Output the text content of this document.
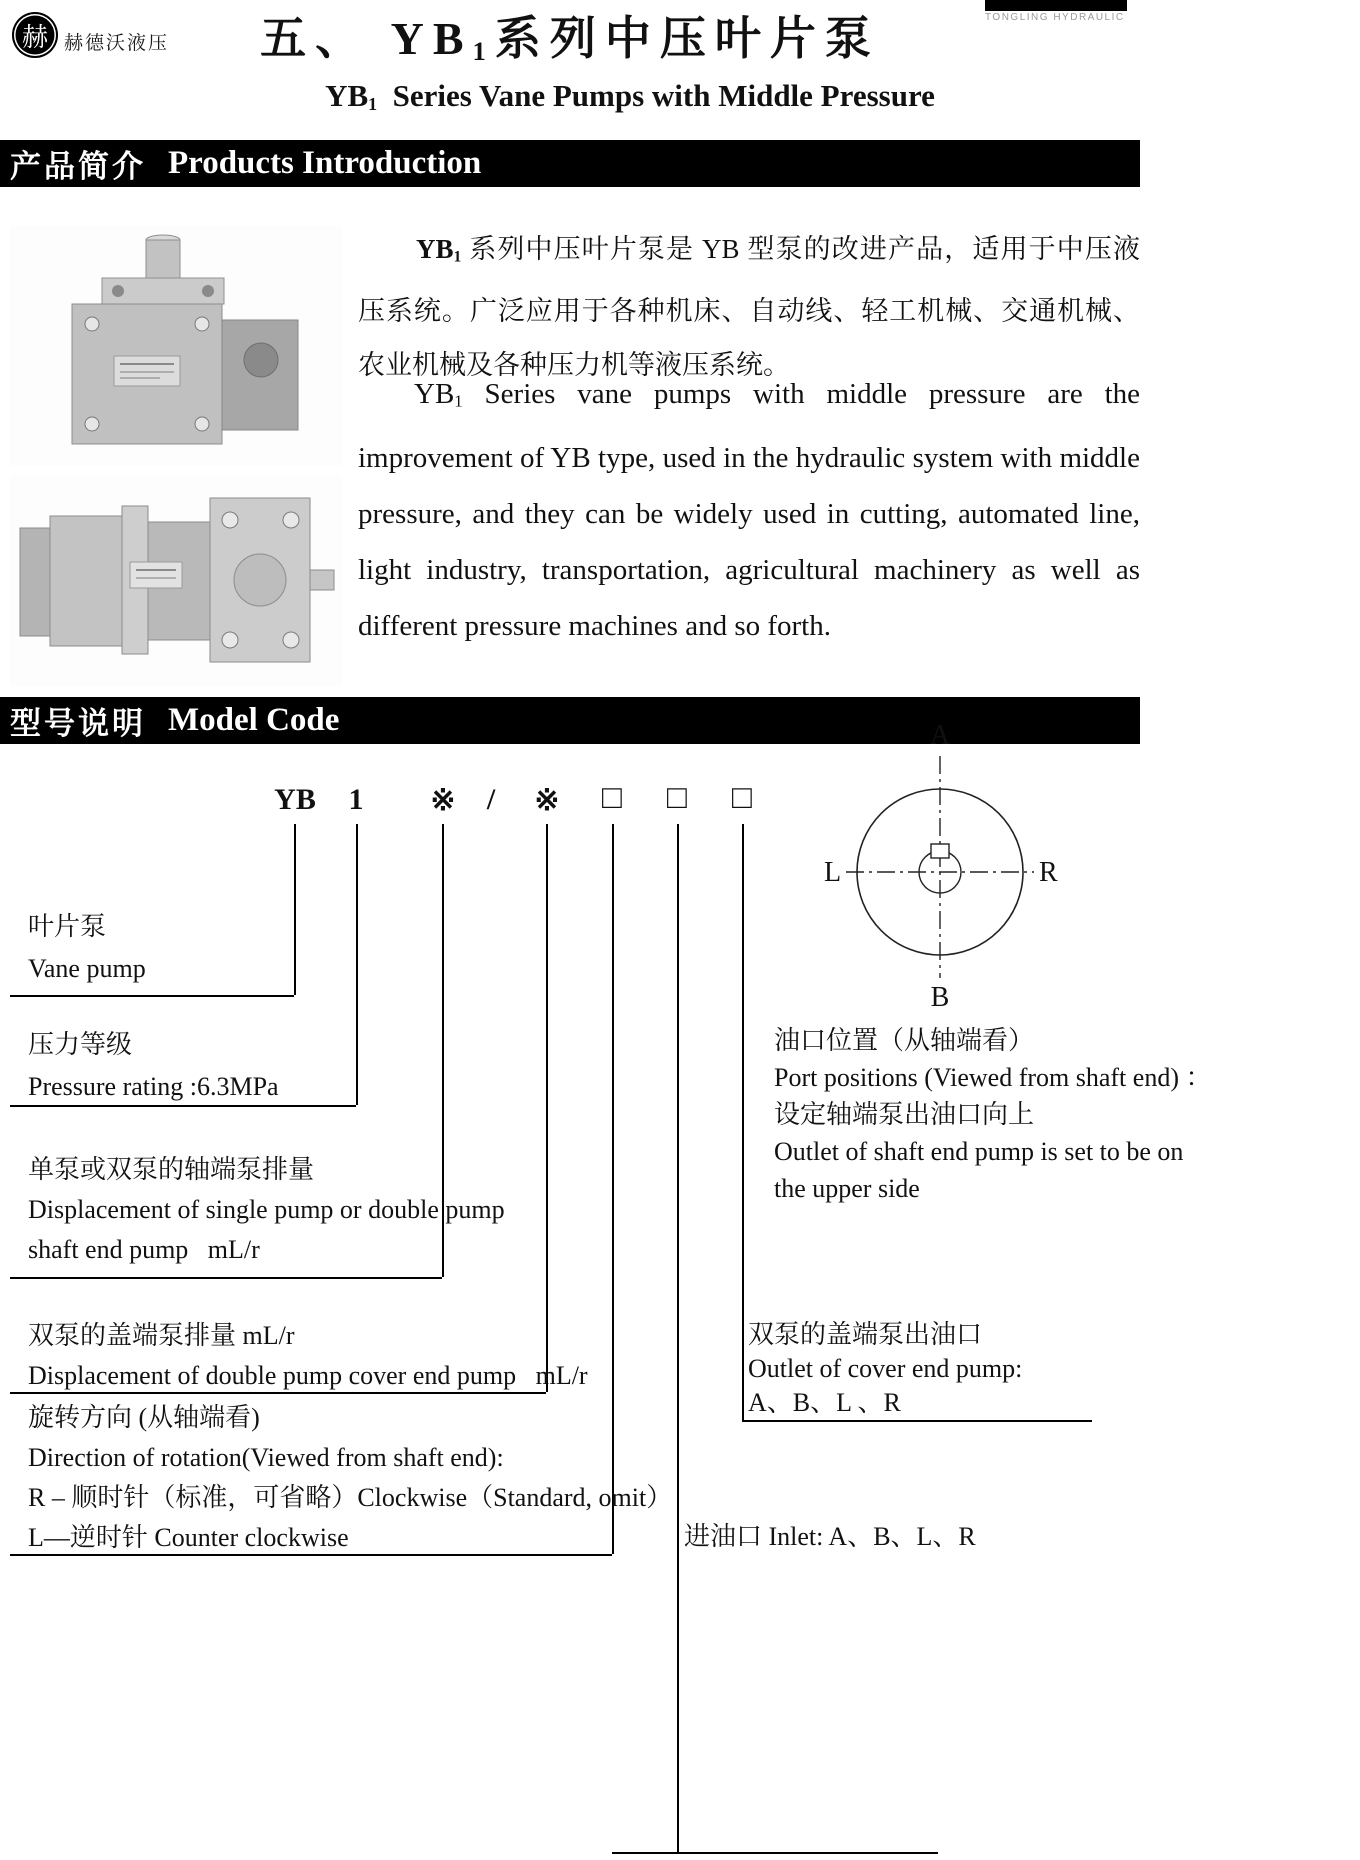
赫 赫德沃液压	五、 $YB_1$系列中压叶片泵	TONGLING HYDRAULIC
$YB_1$  Series Vane Pumps with Middle Pressure
产品简介 Products Introduction
$YB_1$ 系列中压叶片泵是 YB 型泵的改进产品，适用于中压液压系统。广泛应用于各种机床、自动线、轻工机械、交通机械、农业机械及各种压力机等液压系统。
$YB_1$ Series vane pumps with middle pressure are the improvement of YB type, used in the hydraulic system with middle pressure, and they can be widely used in cutting, automated line, light industry, transportation, agricultural machinery as well as different pressure machines and so forth.
型号说明 Model Code
YB 1 ※ / ※ □ □ □
叶片泵
Vane pump
压力等级
Pressure rating :6.3MPa
单泵或双泵的轴端泵排量
Displacement of single pump or double pump
shaft end pump   mL/r
双泵的盖端泵排量 mL/r
Displacement of double pump cover end pump   mL/r
旋转方向 (从轴端看)
Direction of rotation(Viewed from shaft end):
R – 顺时针（标准，可省略）Clockwise（Standard, omit）
L—逆时针 Counter clockwise	进油口 Inlet: A、B、L、R
油口位置（从轴端看）
Port positions (Viewed from shaft end) ：
设定轴端泵出油口向上
Outlet of shaft end pump is set to be on
the upper side
双泵的盖端泵出油口
Outlet of cover end pump:
A、B、L 、R
A
L	R
B
